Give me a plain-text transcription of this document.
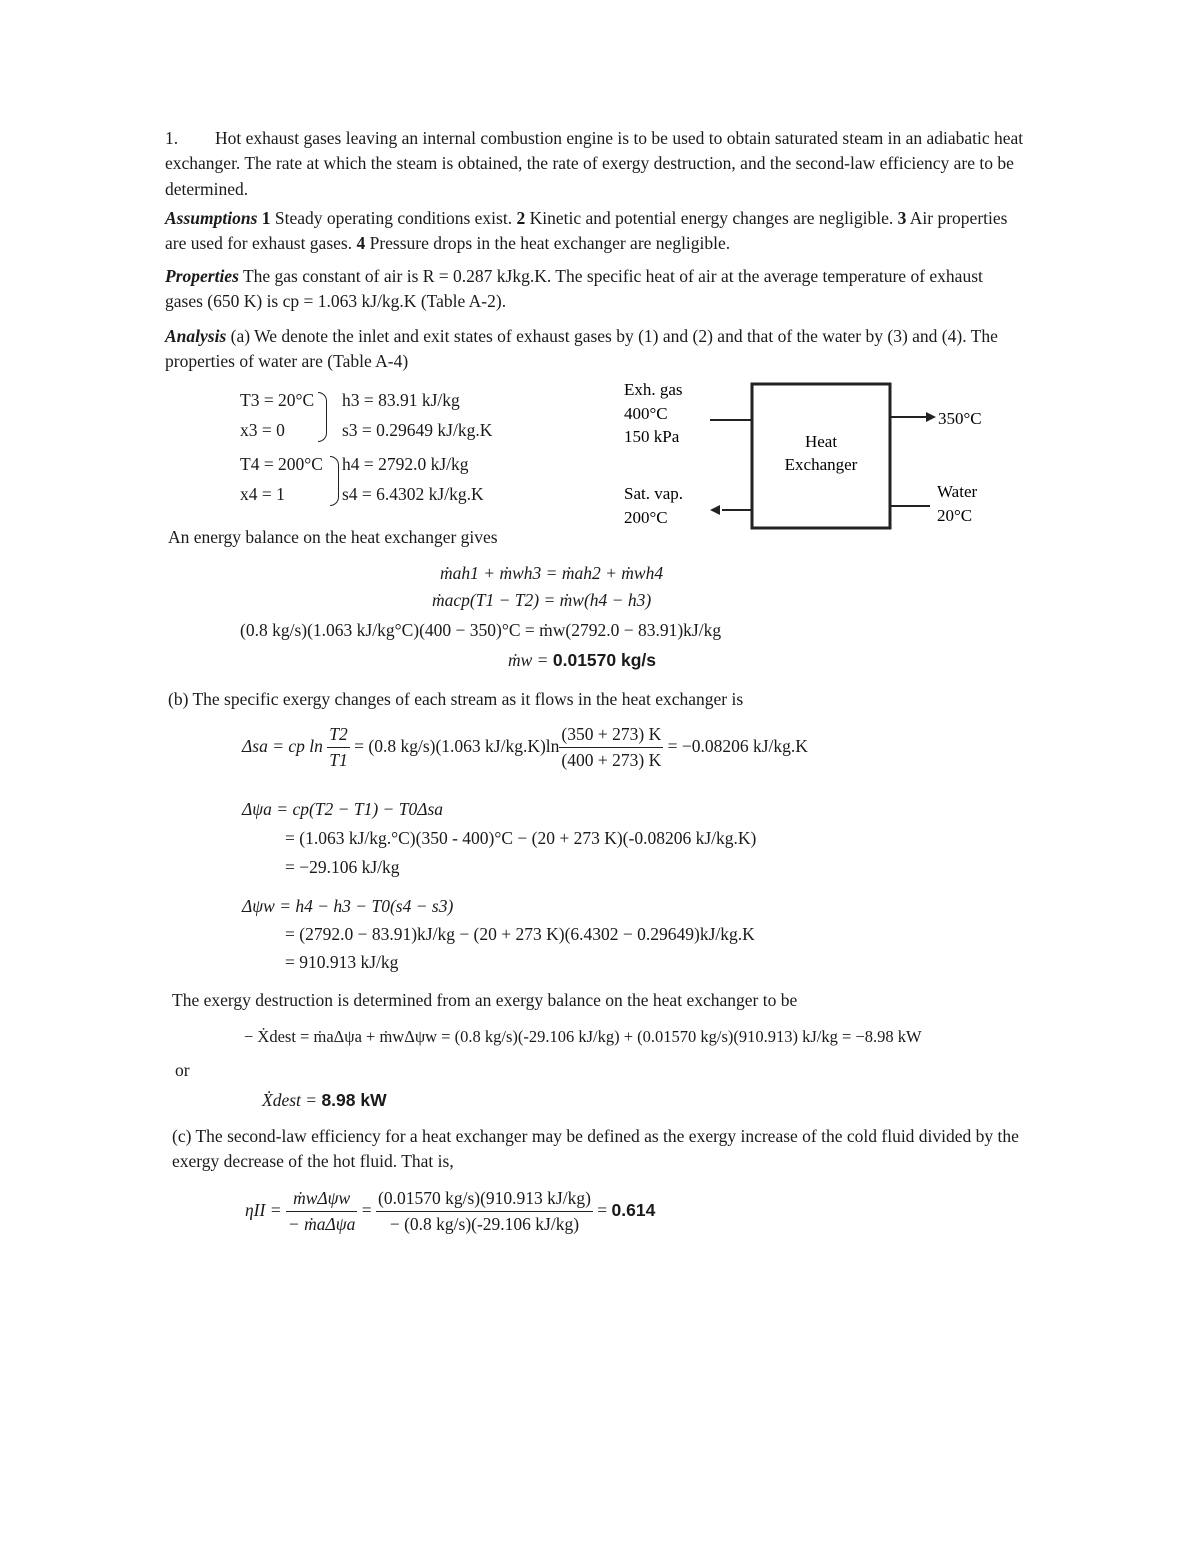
1. Hot exhaust gases leaving an internal combustion engine is to be used to obtain saturated steam in an adiabatic heat exchanger. The rate at which the steam is obtained, the rate of exergy destruction, and the second-law efficiency are to be determined.
Assumptions 1 Steady operating conditions exist. 2 Kinetic and potential energy changes are negligible. 3 Air properties are used for exhaust gases. 4 Pressure drops in the heat exchanger are negligible.
Properties The gas constant of air is R = 0.287 kJkg.K. The specific heat of air at the average temperature of exhaust gases (650 K) is cp = 1.063 kJ/kg.K (Table A-2).
Analysis (a) We denote the inlet and exit states of exhaust gases by (1) and (2) and that of the water by (3) and (4). The properties of water are (Table A-4)
T3 = 20°C h3 = 83.91 kJ/kg
x3 = 0	s3 = 0.29649 kJ/kg.K
T4 = 200°C h4 = 2792.0 kJ/kg
x4 = 1	s4 = 6.4302 kJ/kg.K
Exh. gas
400°C
150 kPa	Heat
Exchanger
350°C
Sat. vap.
200°C
Water
20°C
An energy balance on the heat exchanger gives
ṁah1 + ṁwh3 = ṁah2 + ṁwh4
ṁacp(T1 − T2) = ṁw(h4 − h3)
(0.8 kg/s)(1.063 kJ/kg°C)(400 − 350)°C = ṁw(2792.0 − 83.91)kJ/kg
ṁw = 0.01570 kg/s
(b) The specific exergy changes of each stream as it flows in the heat exchanger is
Δsa = cp $\ln \frac{T2}{T1} = (0.8$ kg/s)(1.063 $kJ/kg.K)\ln \frac{(350 + 273) K}{(400 + 273) K} = -0.08206$ kJ/kg.K
Δψa = cp(T2 − T1) − T0Δsa
= (1.063 kJ/kg.°C)(350 - 400)°C − (20 + 273 K)(-0.08206 kJ/kg.K)
= −29.106 kJ/kg
Δψw = h4 − h3 − T0(s4 − s3)
= (2792.0 − 83.91)kJ/kg − (20 + 273 K)(6.4302 − 0.29649)kJ/kg.K
= 910.913 kJ/kg
The exergy destruction is determined from an exergy balance on the heat exchanger to be
− Ẋdest = ṁaΔψa + ṁwΔψw = (0.8 kg/s)(-29.106 kJ/kg) + (0.01570 kg/s)(910.913) kJ/kg = −8.98 kW
or
Ẋdest = 8.98 kW
(c) The second-law efficiency for a heat exchanger may be defined as the exergy increase of the cold fluid divided by the exergy decrease of the hot fluid. That is,
$\eta II = \frac{\text{ṁwΔψw}}{\text{− ṁaΔψa}} = \frac{(0.01570 kg/s)(910.913 kJ/kg)}{- (0.8 kg/s)(-29.106 kJ/kg)} = 0.614$
